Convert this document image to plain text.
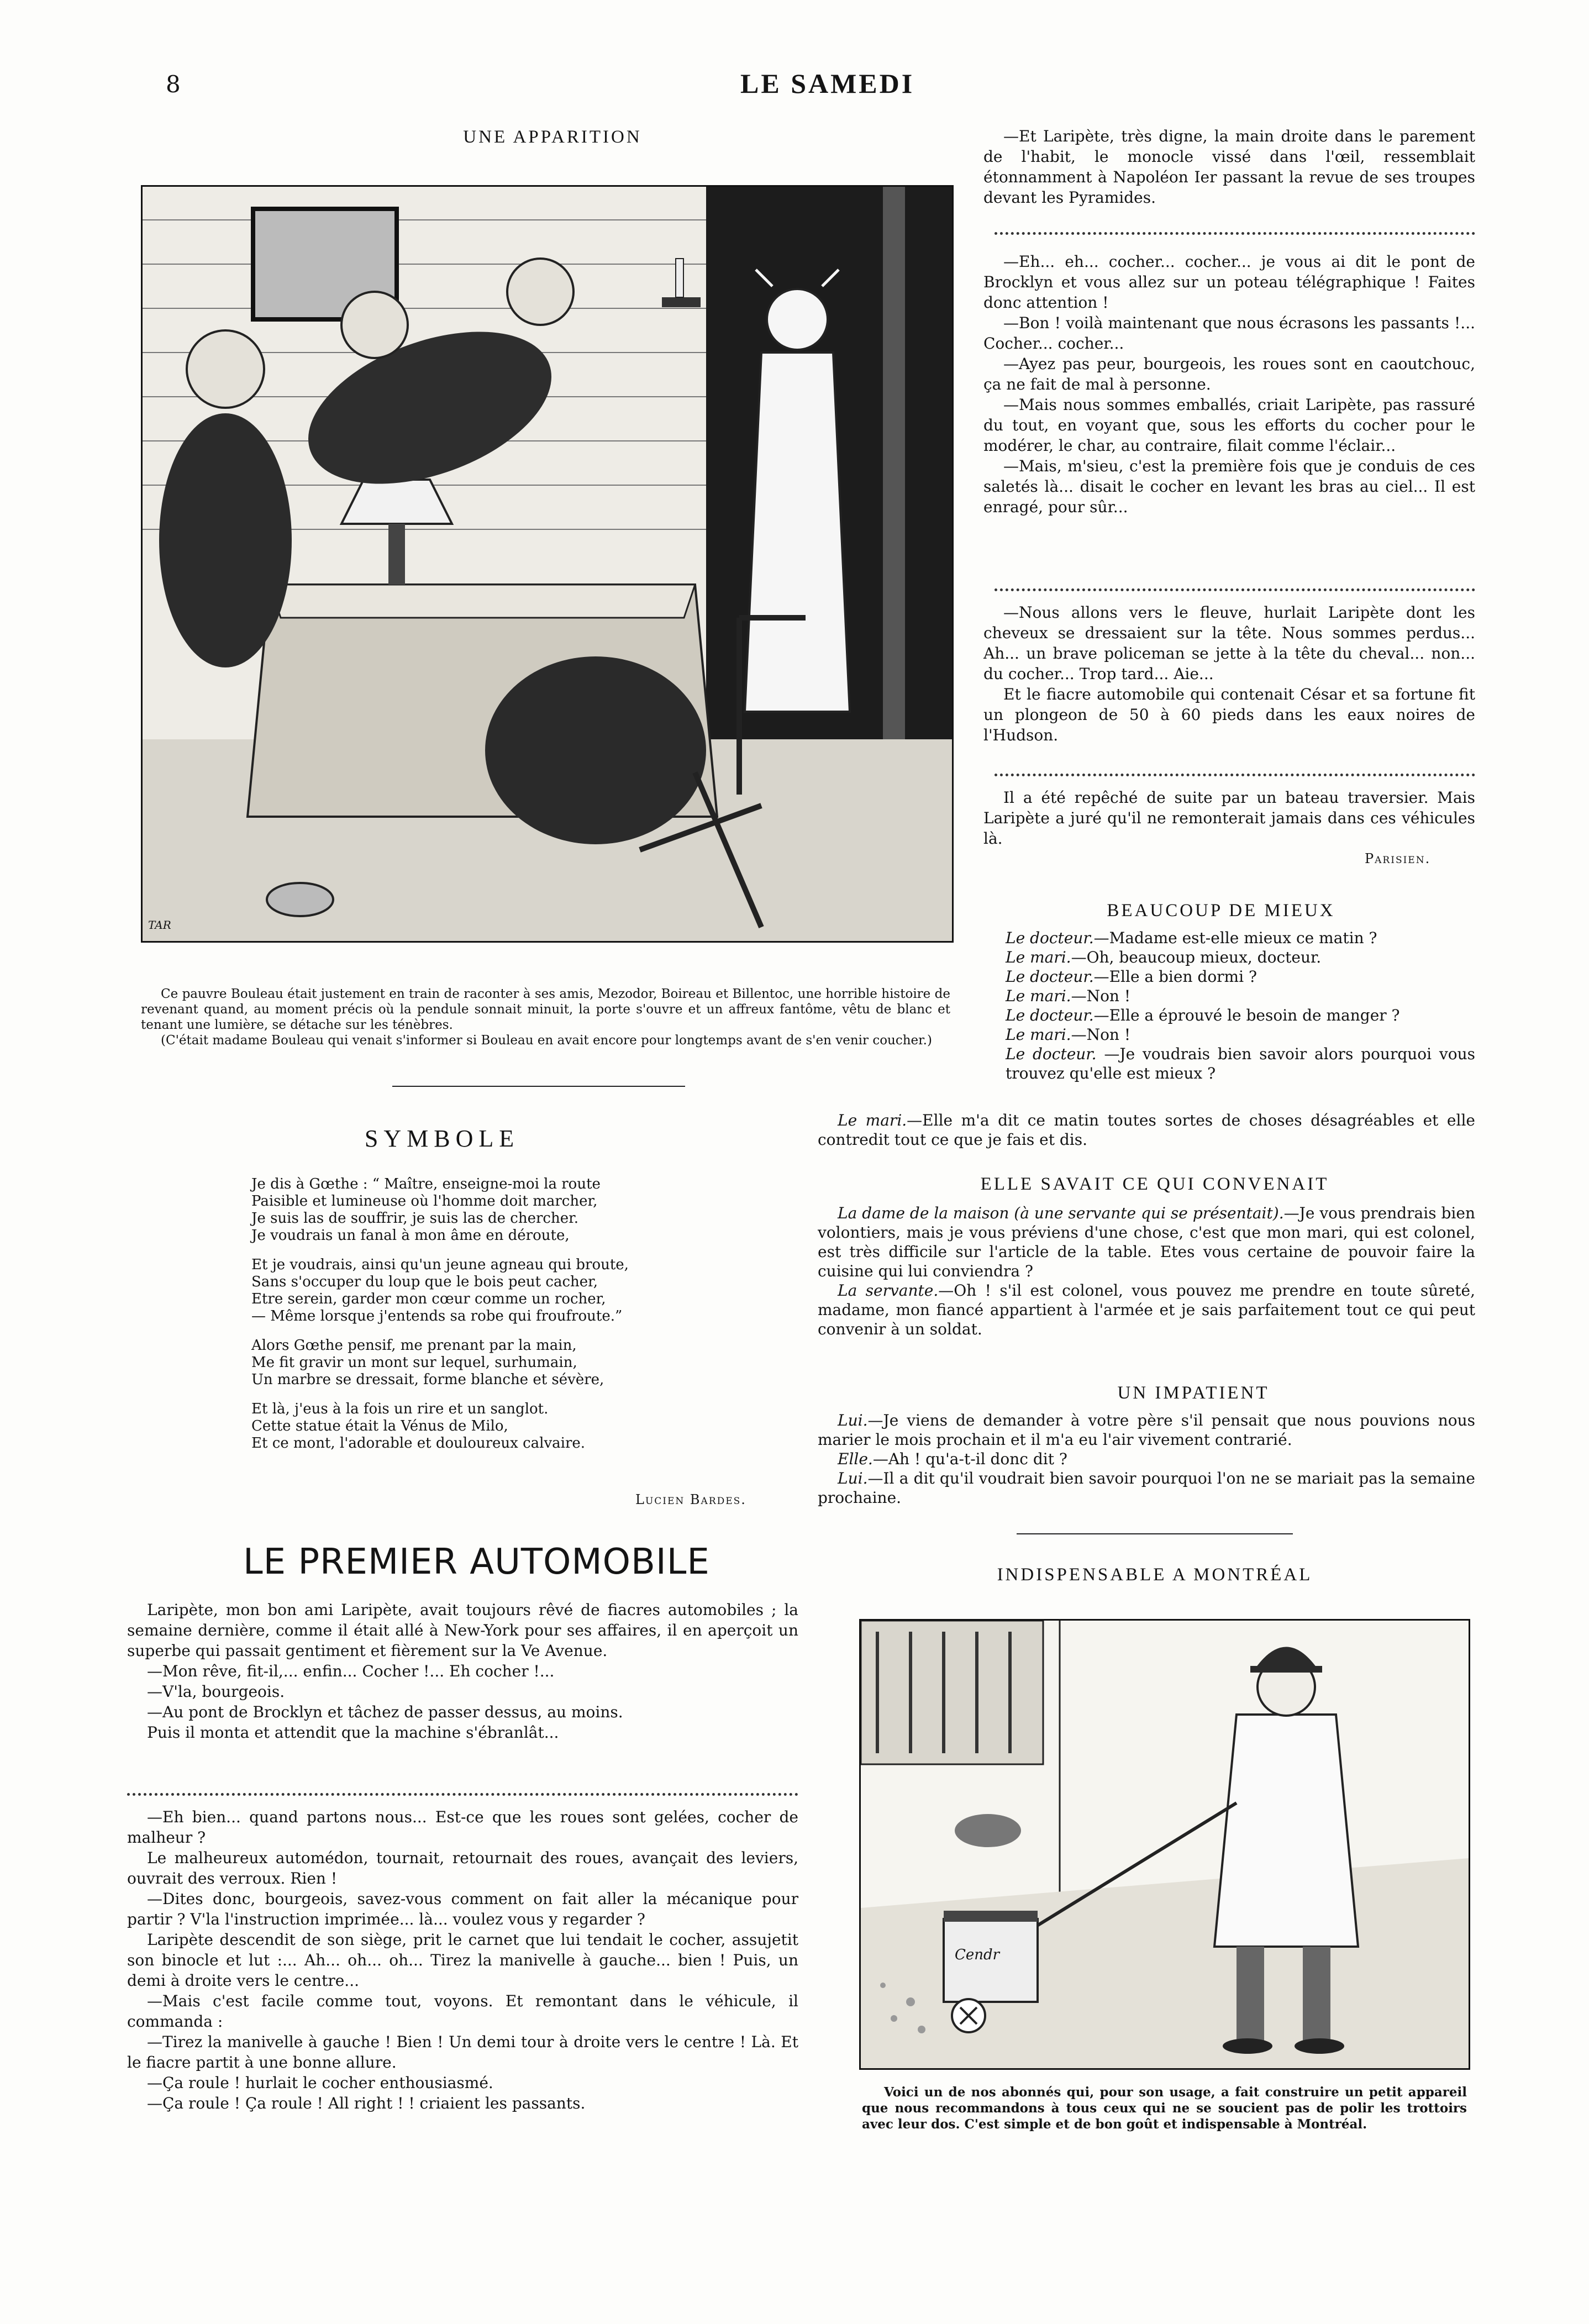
8	LE SAMEDI
UNE APPARITION
TAR

Ce pauvre Bouleau était justement en train de raconter à ses amis, Mezodor, Boireau et Billentoc, une horrible histoire de revenant quand, au moment précis où la pendule sonnait minuit, la porte s'ouvre et un affreux fantôme, vêtu de blanc et tenant une lumière, se détache sur les ténèbres.

(C'était madame Bouleau qui venait s'informer si Bouleau en avait encore pour longtemps avant de s'en venir coucher.)

SYMBOLE

Je dis à Gœthe : “ Maître, enseigne-moi la route

Paisible et lumineuse où l'homme doit marcher,

Je suis las de souffrir, je suis las de chercher.

Je voudrais un fanal à mon âme en déroute,

Et je voudrais, ainsi qu'un jeune agneau qui broute,

Sans s'occuper du loup que le bois peut cacher,

Etre serein, garder mon cœur comme un rocher,

— Même lorsque j'entends sa robe qui froufroute.”

Alors Gœthe pensif, me prenant par la main,

Me fit gravir un mont sur lequel, surhumain,

Un marbre se dressait, forme blanche et sévère,

Et là, j'eus à la fois un rire et un sanglot.

Cette statue était la Vénus de Milo,

Et ce mont, l'adorable et douloureux calvaire.

Lucien Bardes.
LE PREMIER AUTOMOBILE

Laripète, mon bon ami Laripète, avait toujours rêvé de fiacres automobiles ; la semaine dernière, comme il était allé à New-York pour ses affaires, il en aperçoit un superbe qui passait gentiment et fièrement sur la Ve Avenue.

—Mon rêve, fit-il,... enfin... Cocher !... Eh cocher !...

—V'la, bourgeois.

—Au pont de Brocklyn et tâchez de passer dessus, au moins.

Puis il monta et attendit que la machine s'ébranlât...

—Eh bien... quand partons nous... Est-ce que les roues sont gelées, cocher de malheur ?

Le malheureux automédon, tournait, retournait des roues, avançait des leviers, ouvrait des verroux. Rien !

—Dites donc, bourgeois, savez-vous comment on fait aller la mécanique pour partir ? V'la l'instruction imprimée... là... voulez vous y regarder ?

Laripète descendit de son siège, prit le carnet que lui tendait le cocher, assujetit son binocle et lut :... Ah... oh... oh... Tirez la manivelle à gauche... bien ! Puis, un demi à droite vers le centre...

—Mais c'est facile comme tout, voyons. Et remontant dans le véhicule, il commanda :

—Tirez la manivelle à gauche ! Bien ! Un demi tour à droite vers le centre ! Là. Et le fiacre partit à une bonne allure.

—Ça roule ! hurlait le cocher enthousiasmé.

—Ça roule ! Ça roule ! All right ! ! criaient les passants.

—Et Laripète, très digne, la main droite dans le parement de l'habit, le monocle vissé dans l'œil, ressemblait étonnamment à Napoléon Ier passant la revue de ses troupes devant les Pyramides.

—Eh... eh... cocher... cocher... je vous ai dit le pont de Brocklyn et vous allez sur un poteau télégraphique ! Faites donc attention !

—Bon ! voilà maintenant que nous écrasons les passants !... Cocher... cocher...

—Ayez pas peur, bourgeois, les roues sont en caoutchouc, ça ne fait de mal à personne.

—Mais nous sommes emballés, criait Laripète, pas rassuré du tout, en voyant que, sous les efforts du cocher pour le modérer, le char, au contraire, filait comme l'éclair...

—Mais, m'sieu, c'est la première fois que je conduis de ces saletés là... disait le cocher en levant les bras au ciel... Il est enragé, pour sûr...

—Nous allons vers le fleuve, hurlait Laripète dont les cheveux se dressaient sur la tête. Nous sommes perdus... Ah... un brave policeman se jette à la tête du cheval... non... du cocher... Trop tard... Aie...

Et le fiacre automobile qui contenait César et sa fortune fit un plongeon de 50 à 60 pieds dans les eaux noires de l'Hudson.

Il a été repêché de suite par un bateau traversier. Mais Laripète a juré qu'il ne remonterait jamais dans ces véhicules là.

Parisien.
BEAUCOUP DE MIEUX

Le docteur.—Madame est-elle mieux ce matin ?

Le mari.—Oh, beaucoup mieux, docteur.

Le docteur.—Elle a bien dormi ?

Le mari.—Non !

Le docteur.—Elle a éprouvé le besoin de manger ?

Le mari.—Non !

Le docteur. —Je voudrais bien savoir alors pourquoi vous trouvez qu'elle est mieux ?

Le mari.—Elle m'a dit ce matin toutes sortes de choses désagréables et elle contredit tout ce que je fais et dis.

ELLE SAVAIT CE QUI CONVENAIT

La dame de la maison (à une servante qui se présentait).—Je vous prendrais bien volontiers, mais je vous préviens d'une chose, c'est que mon mari, qui est colonel, est très difficile sur l'article de la table. Etes vous certaine de pouvoir faire la cuisine qui lui conviendra ?

La servante.—Oh ! s'il est colonel, vous pouvez me prendre en toute sûreté, madame, mon fiancé appartient à l'armée et je sais parfaitement tout ce qui peut convenir à un soldat.

UN IMPATIENT

Lui.—Je viens de demander à votre père s'il pensait que nous pouvions nous marier le mois prochain et il m'a eu l'air vivement contrarié.

Elle.—Ah ! qu'a-t-il donc dit ?

Lui.—Il a dit qu'il voudrait bien savoir pourquoi l'on ne se mariait pas la semaine prochaine.

INDISPENSABLE A MONTRÉAL
Cendr
Voici un de nos abonnés qui, pour son usage, a fait construire un petit appareil que nous recommandons à tous ceux qui ne se soucient pas de polir les trottoirs avec leur dos. C'est simple et de bon goût et indispensable à Montréal.
